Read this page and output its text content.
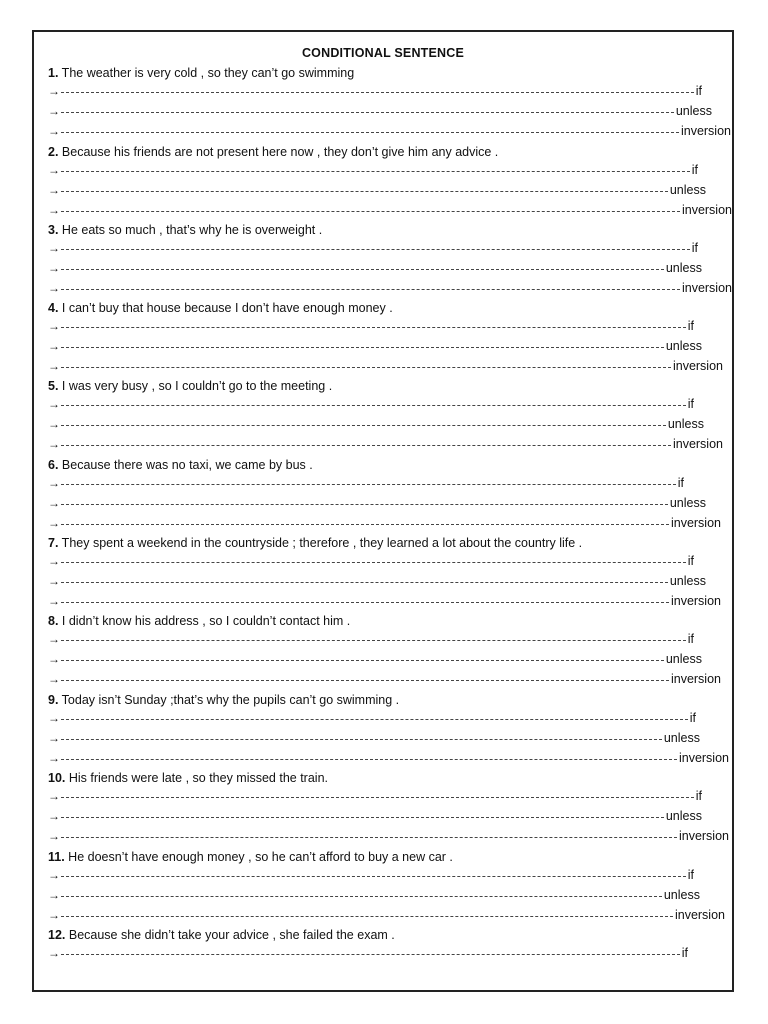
CONDITIONAL SENTENCE
1. The weather is very cold , so they can’t go swimming
→	if
→	unless
→	inversion
2. Because his friends are not present here now , they don’t give him any advice .
→	if
→	unless
→	inversion
3. He eats so much , that’s why he is overweight .
→	if
→	unless
→	inversion
4. I can’t buy that house because I don’t have enough money .
→	if
→	unless
→	inversion
5. I was very busy , so I couldn’t go to the meeting .
→	if
→	unless
→	inversion
6. Because there was no taxi, we came by bus .
→	if
→	unless
→	inversion
7. They spent a weekend in the countryside ; therefore , they learned a lot about the country life .
→	if
→	unless
→	inversion
8. I didn’t know his address , so I couldn’t contact him .
→	if
→	unless
→	inversion
9. Today isn’t Sunday ;that’s why the pupils can’t go swimming .
→	if
→	unless
→	inversion
10. His friends were late , so they missed the train.
→	if
→	unless
→	inversion
11. He doesn’t have enough money , so he can’t afford to buy a new car .
→	if
→	unless
→	inversion
12. Because she didn’t take your advice , she failed the exam .
→	if
